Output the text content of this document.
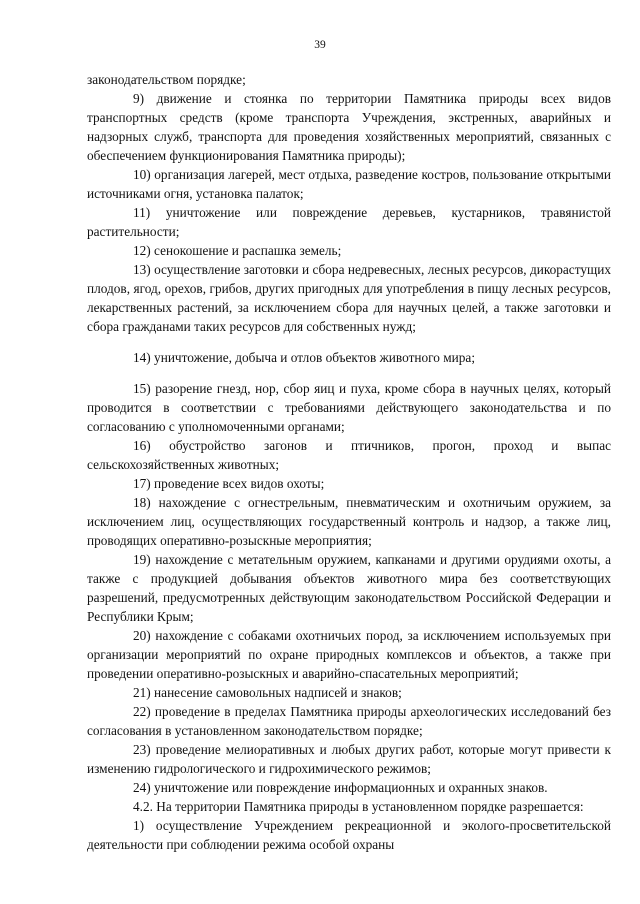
39

законодательством порядке;

9) движение и стоянка по территории Памятника природы всех видов транспортных средств (кроме транспорта Учреждения, экстренных, аварийных и надзорных служб, транспорта для проведения хозяйственных мероприятий, связанных с обеспечением функционирования Памятника природы);

10) организация лагерей, мест отдыха, разведение костров, пользование открытыми источниками огня, установка палаток;

11) уничтожение или повреждение деревьев, кустарников, травянистой растительности;

12) сенокошение и распашка земель;

13) осуществление заготовки и сбора недревесных, лесных ресурсов, дикорастущих плодов, ягод, орехов, грибов, других пригодных для употребления в пищу лесных ресурсов, лекарственных растений, за исключением сбора для научных целей, а также заготовки и сбора гражданами таких ресурсов для собственных нужд;

14) уничтожение, добыча и отлов объектов животного мира;

15) разорение гнезд, нор, сбор яиц и пуха, кроме сбора в научных целях, который проводится в соответствии с требованиями действующего законодательства и по согласованию с уполномоченными органами;

16) обустройство загонов и птичников, прогон, проход и выпас сельскохозяйственных животных;

17) проведение всех видов охоты;

18) нахождение с огнестрельным, пневматическим и охотничьим оружием, за исключением лиц, осуществляющих государственный контроль и надзор, а также лиц, проводящих оперативно-розыскные мероприятия;

19) нахождение с метательным оружием, капканами и другими орудиями охоты, а также с продукцией добывания объектов животного мира без соответствующих разрешений, предусмотренных действующим законодательством Российской Федерации и Республики Крым;

20) нахождение с собаками охотничьих пород, за исключением используемых при организации мероприятий по охране природных комплексов и объектов, а также при проведении оперативно-розыскных и аварийно-спасательных мероприятий;

21) нанесение самовольных надписей и знаков;

22) проведение в пределах Памятника природы археологических исследований без согласования в установленном законодательством порядке;

23) проведение мелиоративных и любых других работ, которые могут привести к изменению гидрологического и гидрохимического режимов;

24) уничтожение или повреждение информационных и охранных знаков.

4.2. На территории Памятника природы в установленном порядке разрешается:

1) осуществление Учреждением рекреационной и эколого-просветительской деятельности при соблюдении режима особой охраны
